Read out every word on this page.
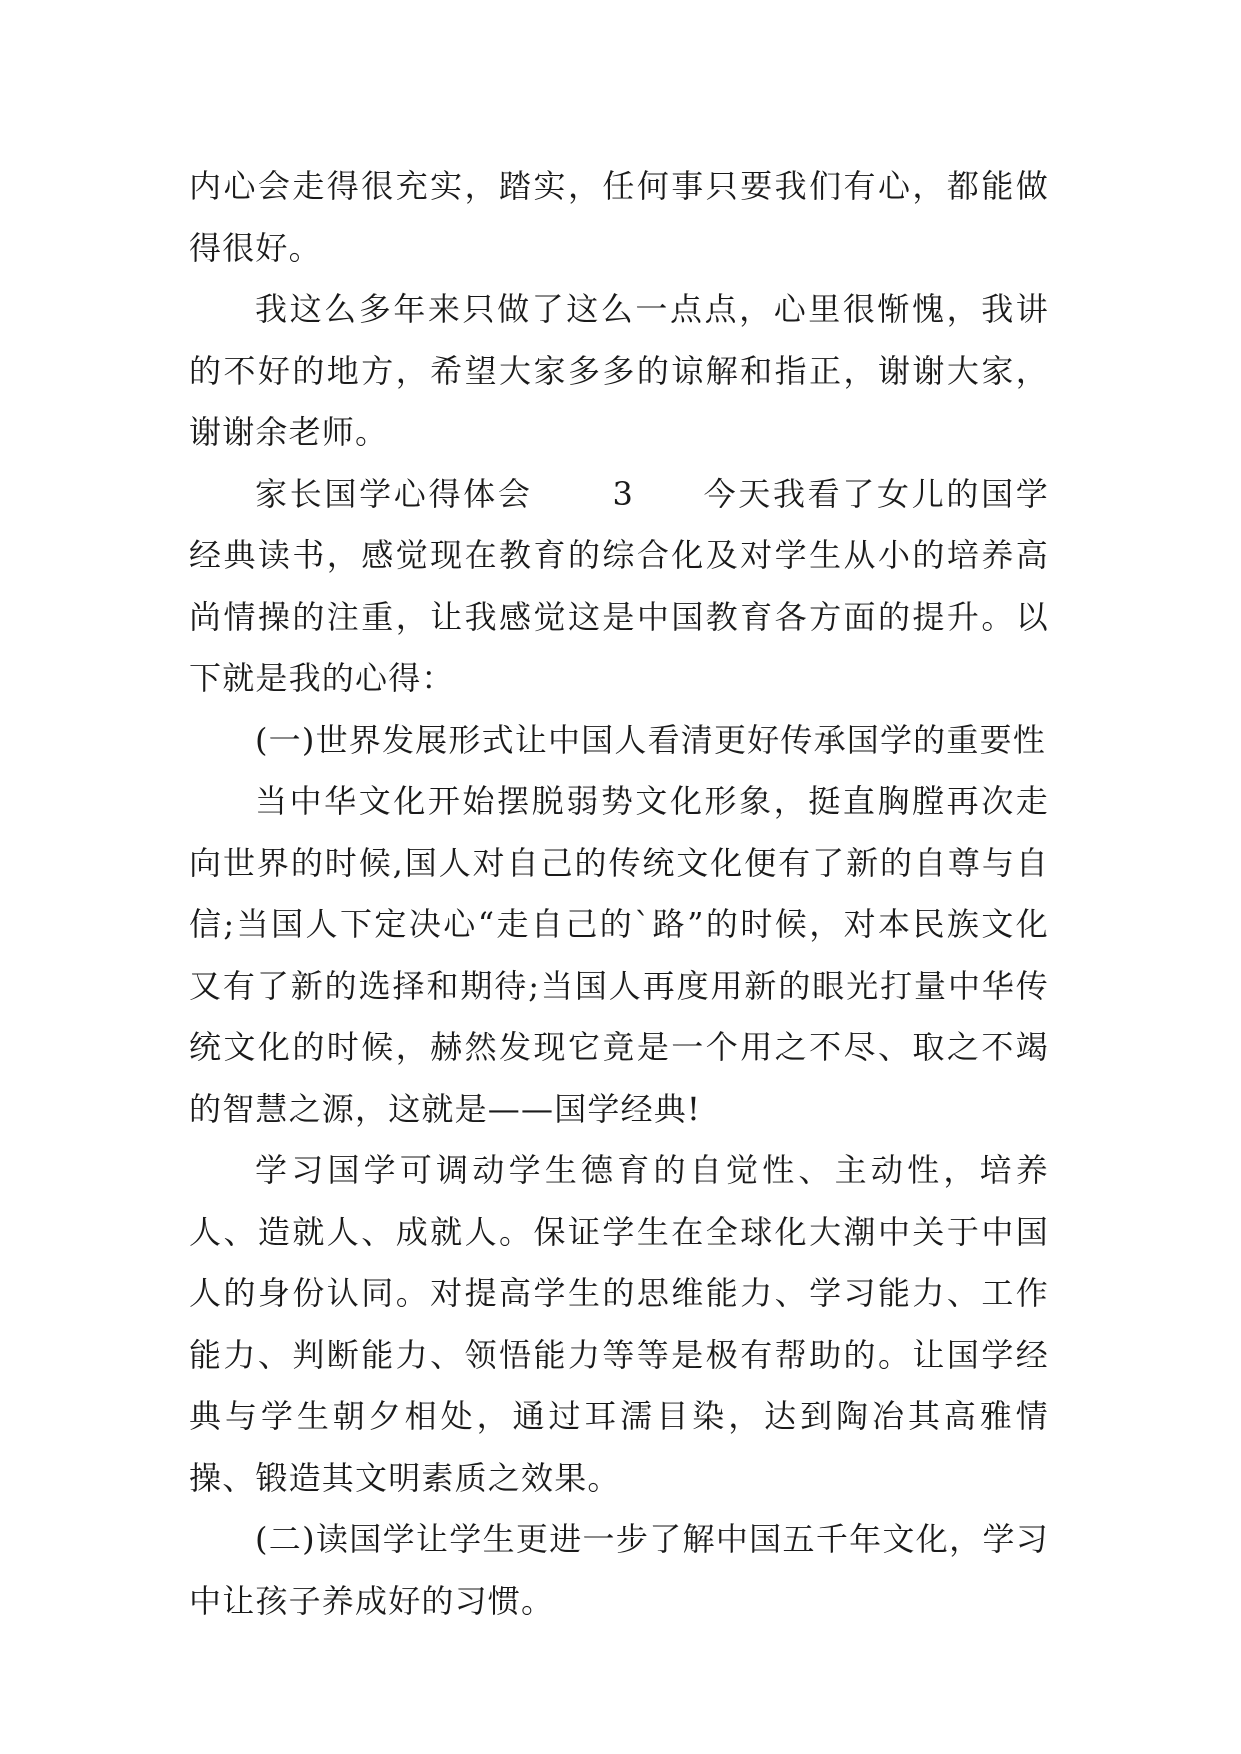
内心会走得很充实，踏实，任何事只要我们有心，都能做得很好。

我这么多年来只做了这么一点点，心里很惭愧，我讲的不好的地方，希望大家多多的谅解和指正，谢谢大家，谢谢余老师。

家长国学心得体会	3 今天我看了女儿的国学经典读书，感觉现在教育的综合化及对学生从小的培养高尚情操的注重，让我感觉这是中国教育各方面的提升。以下就是我的心得：

(一)世界发展形式让中国人看清更好传承国学的重要性

当中华文化开始摆脱弱势文化形象，挺直胸膛再次走向世界的时候,国人对自己的传统文化便有了新的自尊与自信;当国人下定决心“走自己的`路”的时候，对本民族文化又有了新的选择和期待;当国人再度用新的眼光打量中华传统文化的时候，赫然发现它竟是一个用之不尽、取之不竭的智慧之源，这就是——国学经典!

学习国学可调动学生德育的自觉性、主动性，培养人、造就人、成就人。保证学生在全球化大潮中关于中国人的身份认同。对提高学生的思维能力、学习能力、工作能力、判断能力、领悟能力等等是极有帮助的。让国学经典与学生朝夕相处，通过耳濡目染，达到陶冶其高雅情操、锻造其文明素质之效果。

(二)读国学让学生更进一步了解中国五千年文化，学习中让孩子养成好的习惯。
